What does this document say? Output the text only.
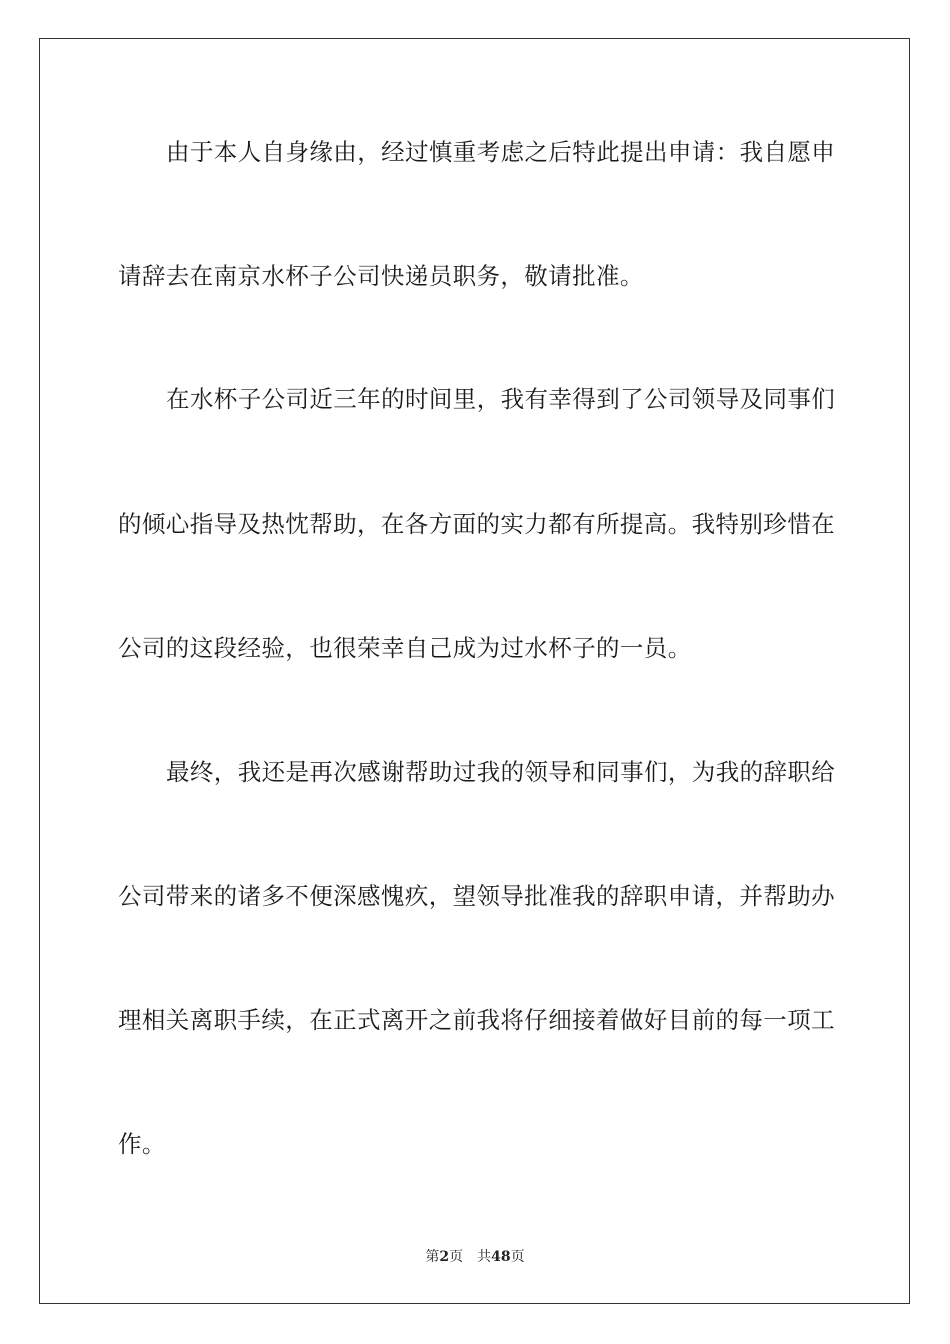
由于本人自身缘由，经过慎重考虑之后特此提出申请：我自愿申
请辞去在南京水杯子公司快递员职务，敬请批准。
在水杯子公司近三年的时间里，我有幸得到了公司领导及同事们
的倾心指导及热忱帮助，在各方面的实力都有所提高。我特别珍惜在
公司的这段经验，也很荣幸自己成为过水杯子的一员。
最终，我还是再次感谢帮助过我的领导和同事们，为我的辞职给
公司带来的诸多不便深感愧疚，望领导批准我的辞职申请，并帮助办
理相关离职手续，在正式离开之前我将仔细接着做好目前的每一项工
作。
第2页 共48页
